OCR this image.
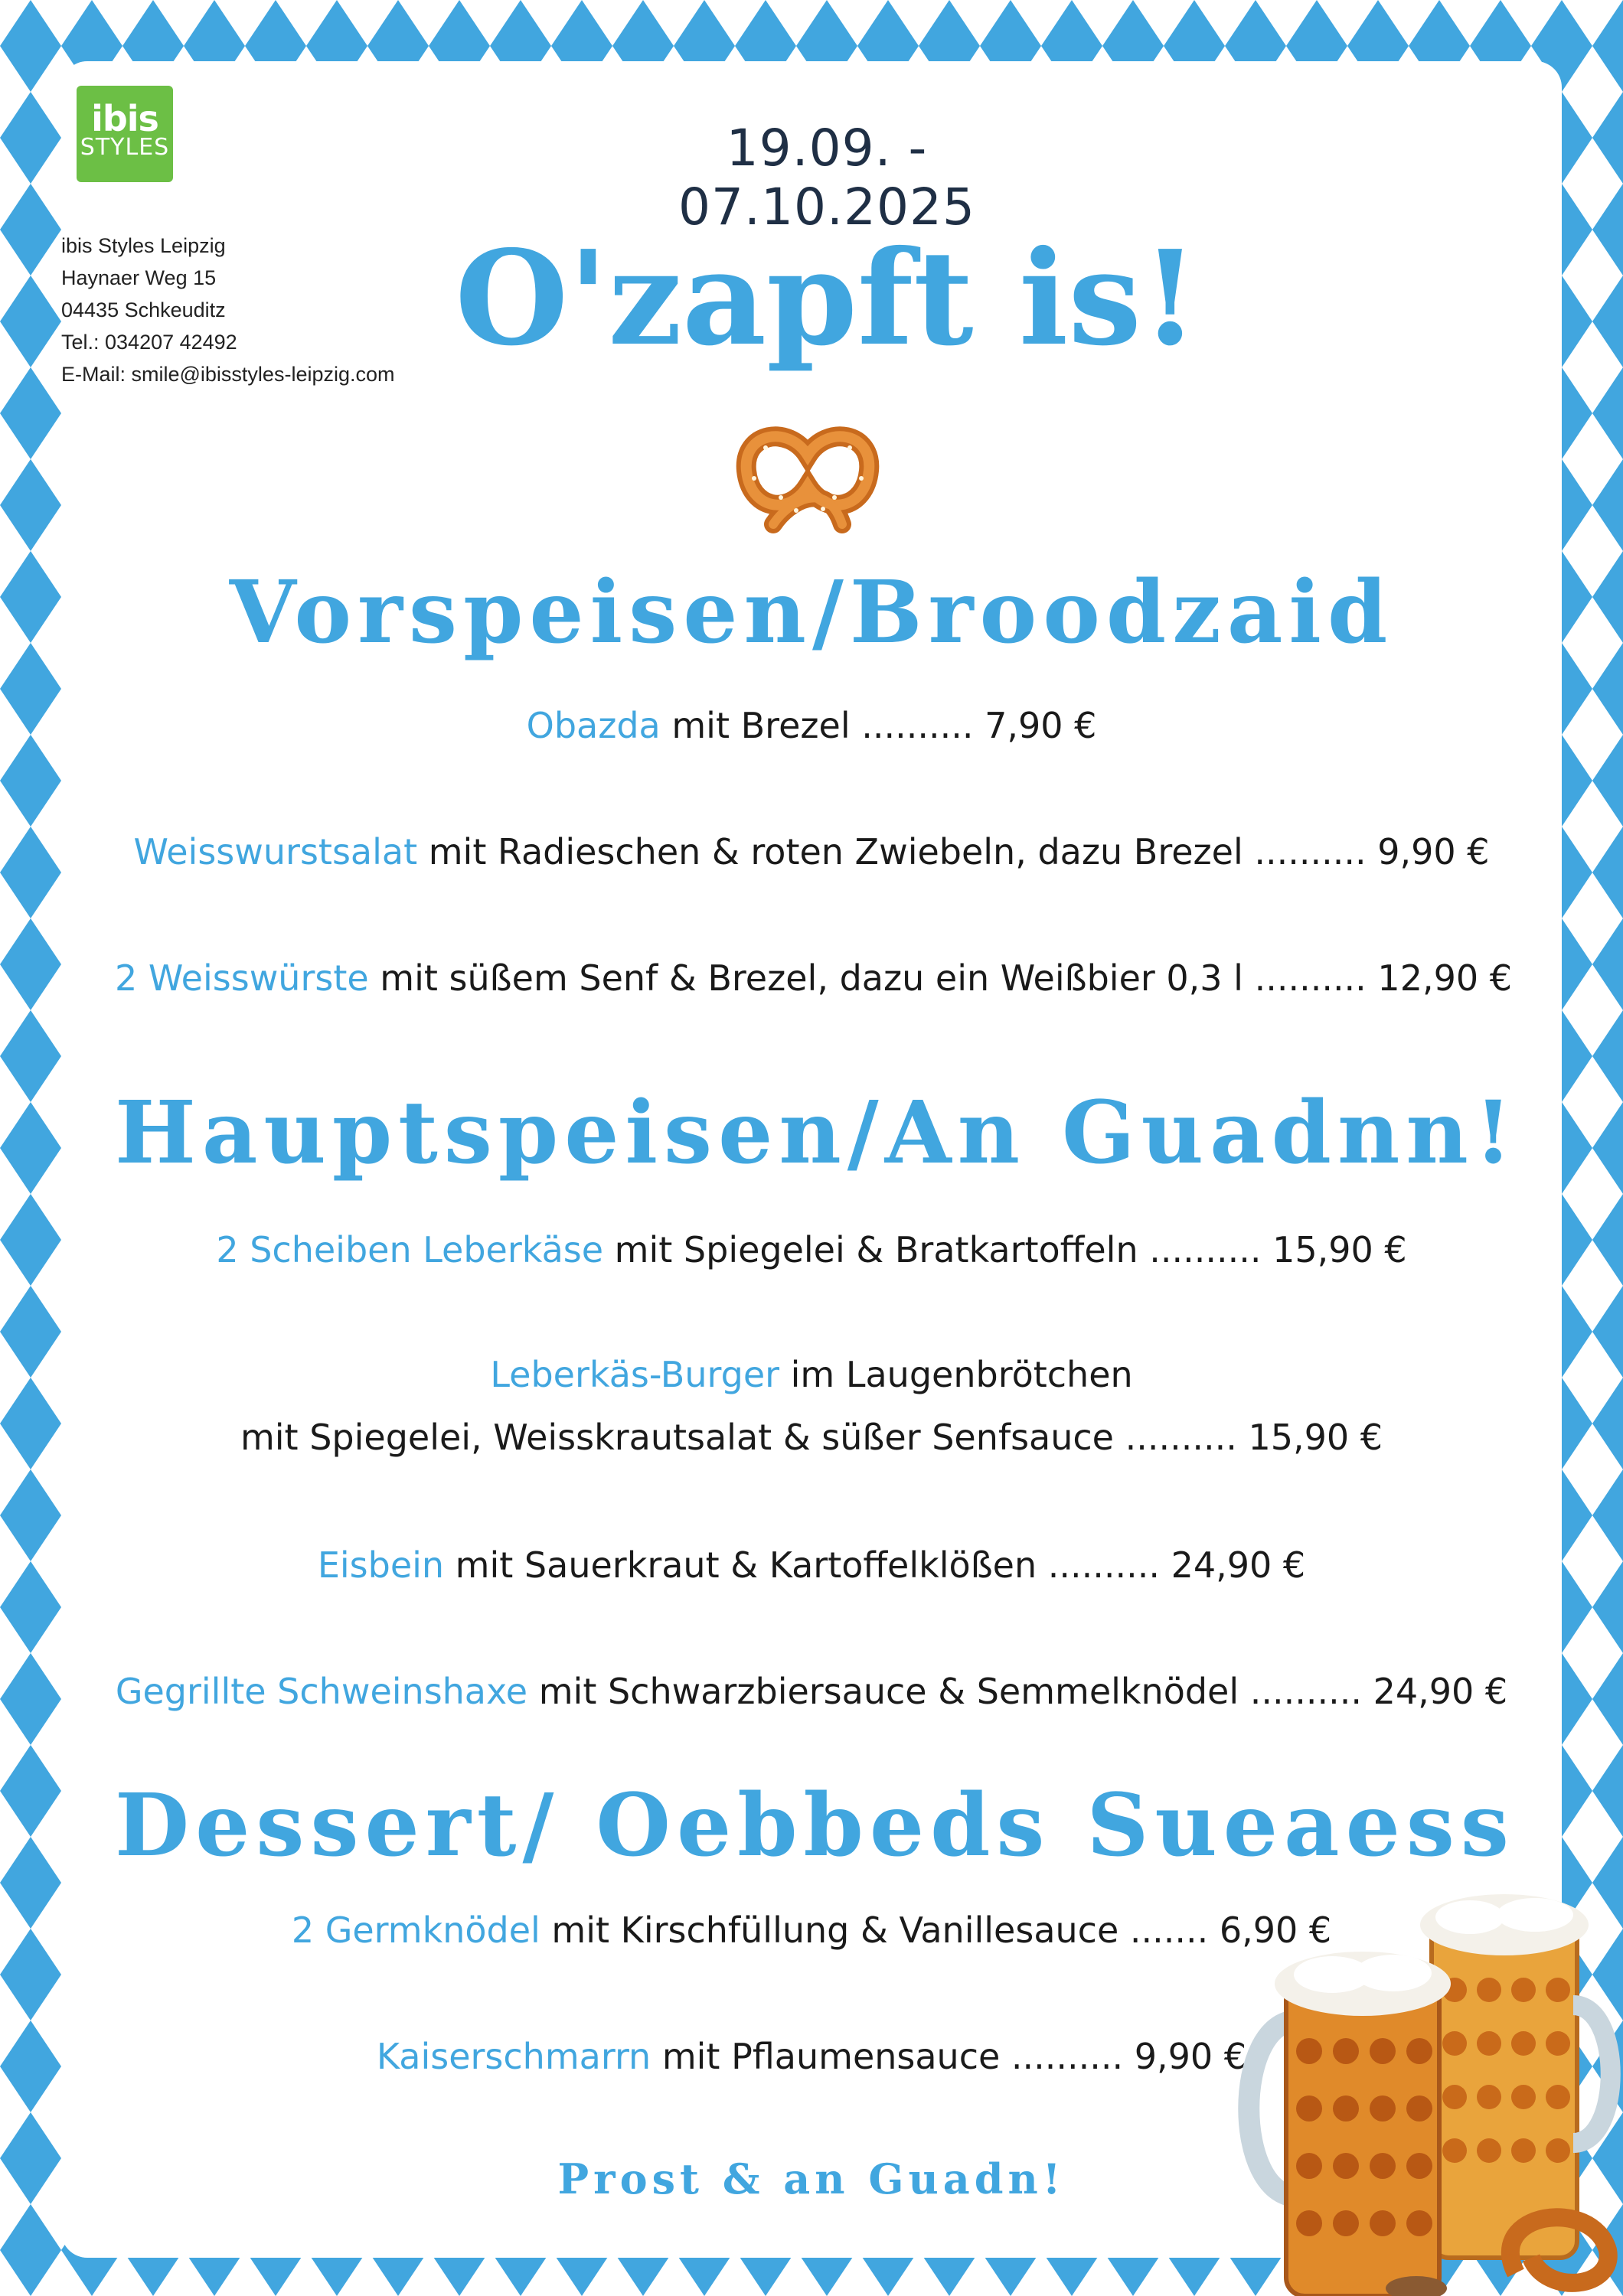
ibis
STYLES
ibis Styles Leipzig
Haynaer Weg 15
04435 Schkeuditz
Tel.: 034207 42492
E-Mail: smile@ibisstyles-leipzig.com
19.09. - 07.10.2025
O'zapft is!
Vorspeisen/Broodzaid
Obazda mit Brezel .......... 7,90 €
Weisswurstsalat mit Radieschen & roten Zwiebeln, dazu Brezel .......... 9,90 €
2 Weisswürste mit süßem Senf & Brezel, dazu ein Weißbier 0,3 l .......... 12,90 €
Hauptspeisen/An Guadnn!
2 Scheiben Leberkäse mit Spiegelei & Bratkartoffeln .......... 15,90 €
Leberkäs-Burger im Laugenbrötchen
mit Spiegelei, Weisskrautsalat & süßer Senfsauce .......... 15,90 €
Eisbein mit Sauerkraut & Kartoffelklößen .......... 24,90 €
Gegrillte Schweinshaxe mit Schwarzbiersauce & Semmelknödel .......... 24,90 €
Dessert/ Oebbeds Sueaess
2 Germknödel mit Kirschfüllung & Vanillesauce ....... 6,90 €
Kaiserschmarrn mit Pflaumensauce .......... 9,90 €
Prost & an Guadn!
